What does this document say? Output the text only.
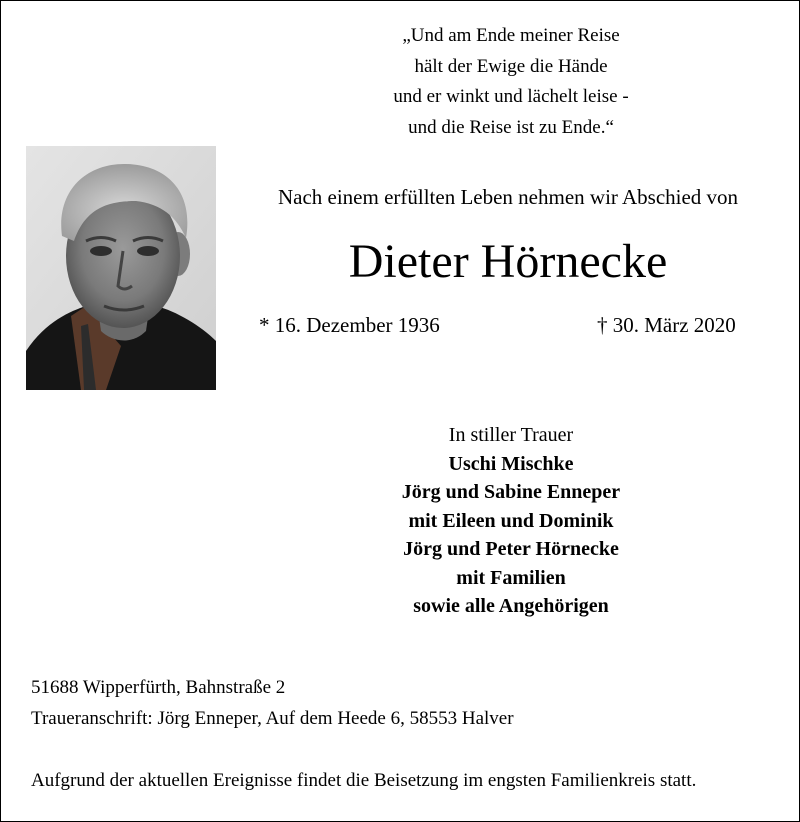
„Und am Ende meiner Reise
hält der Ewige die Hände
und er winkt und lächelt leise -
und die Reise ist zu Ende.“
Nach einem erfüllten Leben nehmen wir Abschied von
Dieter Hörnecke
* 16. Dezember 1936	† 30. März 2020
In stiller Trauer
Uschi Mischke
Jörg und Sabine Enneper
mit Eileen und Dominik
Jörg und Peter Hörnecke
mit Familien
sowie alle Angehörigen
51688 Wipperfürth, Bahnstraße 2
Traueranschrift: Jörg Enneper, Auf dem Heede 6, 58553 Halver
Aufgrund der aktuellen Ereignisse findet die Beisetzung im engsten Familienkreis statt.
